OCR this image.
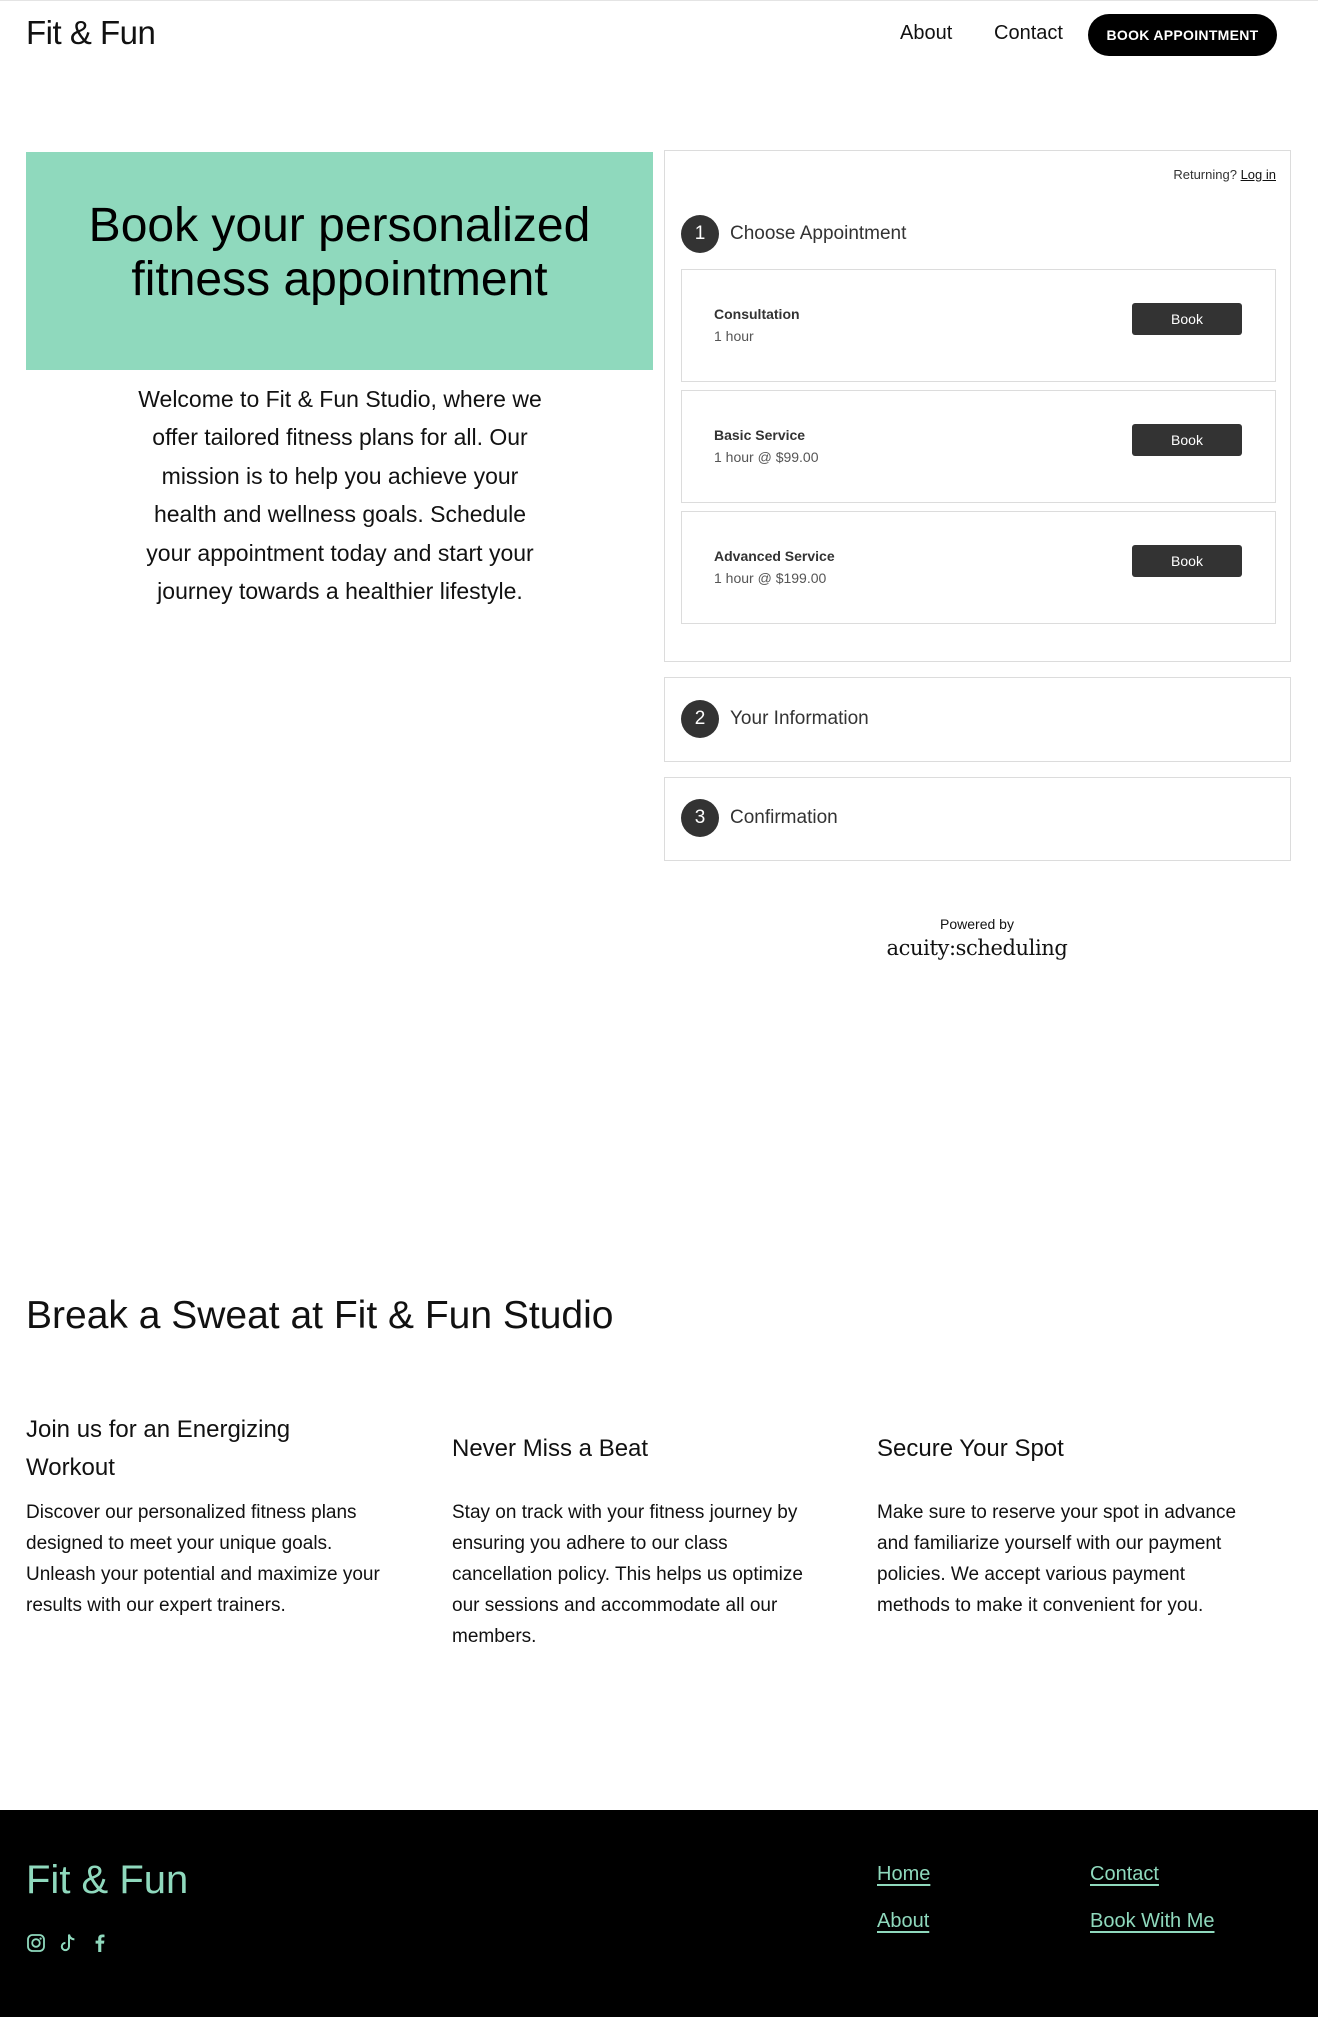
Fit & Fun	About Contact	BOOK APPOINTMENT
Book your personalized
fitness appointment

Welcome to Fit & Fun Studio, where we offer tailored fitness plans for all. Our mission is to help you achieve your health and wellness goals. Schedule your appointment today and start your journey towards a healthier lifestyle.

Returning? Log in
1	Choose Appointment
Consultation
1 hour
Book
Basic Service
1 hour @ $99.00
Book
Advanced Service
1 hour @ $199.00
Book
2	Your Information
3	Confirmation
Powered by
acuity:scheduling
Break a Sweat at Fit & Fun Studio
Join us for an Energizing
Workout

Discover our personalized fitness plans designed to meet your unique goals. Unleash your potential and maximize your results with our expert trainers.

Never Miss a Beat

Stay on track with your fitness journey by ensuring you adhere to our class cancellation policy. This helps us optimize our sessions and accommodate all our members.

Secure Your Spot

Make sure to reserve your spot in advance and familiarize yourself with our payment policies. We accept various payment methods to make it convenient for you.

Fit & Fun	Home	Contact
About	Book With Me
